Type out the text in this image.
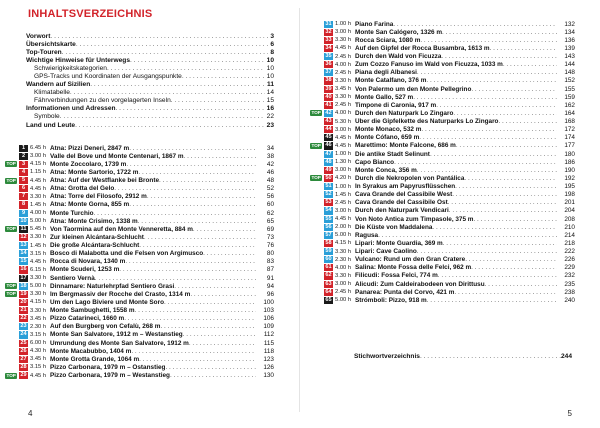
INHALTSVERZEICHNIS
Vorwort . . .	3
Übersichtskarte . . .	6
Top-Touren . . .	8
Wichtige Hinweise für Unterwegs . . .	10
Schwierigkeitskategorien . . .	10
GPS-Tracks und Koordinaten der Ausgangspunkte . . .	10
Wandern auf Sizilien . . .	11
Klimatabelle . . .	14
Fährverbindungen zu den vorgelagerten Inseln . . .	15
Informationen und Adressen . . .	16
Symbole . . .	22
Land und Leute . . .	23
1 6.45 h Ätna: Pizzi Deneri, 2847 m . . .	34
2 3.00 h Valle del Bove und Monte Centenari, 1867 m . . .	38
TOP	3 4.15 h Monte Zoccolaro, 1739 m . . .	42
4 1.15 h Ätna: Monte Sartorio, 1722 m . . .	46
TOP	5 4.45 h Ätna: Auf der Westflanke bei Bronte . . .	48
6 4.45 h Ätna: Grotta del Gelo . . .	52
7 3.30 h Ätna: Torre del Filosofo, 2912 m . . .	56
8 1.45 h Ätna: Monte Gorna, 855 m . . .	60
9 4.00 h Monte Turchio . . .	62
10 5.00 h Ätna: Monte Crisimo, 1338 m . . .	65
TOP 11 5.45 h Von Taormina auf den Monte Venneretta, 884 m . . .	69
12 3.30 h Zur kleinen Alcántara-Schlucht . . .	73
13 1.45 h Die große Alcántara-Schlucht . . .	76
14 3.15 h Bosco di Malabotta und die Felsen von Argimusco . . .	80
15 4.45 h Rocca di Novara, 1340 m . . .	83
16 6.15 h Monte Scuderi, 1253 m . . .	87
17 3.30 h Sentiero Vernà . . .	91
TOP 18 5.00 h Dinnamare: Naturlehrpfad Sentiero Grasi . . .	94
TOP 19 3.30 h Im Bergmassiv der Rocche del Crasto, 1314 m . . .	96
20 4.15 h Um den Lago Biviere und Monte Soro . . .	100
21 3.30 h Monte Sambughetti, 1558 m . . .	103
22 3.45 h Pizzo Catarineci, 1660 m . . .	106
23 2.30 h Auf den Burgberg von Cefalù, 268 m . . .	109
24 3.15 h Monte San Salvatore, 1912 m – Westanstieg . . .	112
25 6.00 h Umrundung des Monte San Salvatore, 1912 m . . .	115
26 4.30 h Monte Macabubbo, 1404 m . . .	118
27 3.45 h Monte Grotta Grande, 1064 m . . .	123
28 3.15 h Pizzo Carbonara, 1979 m – Ostanstieg . . .	126
TOP 29 4.45 h Pizzo Carbonara, 1979 m – Westanstieg . . .	130
4
31 1.00 h Piano Farina . . .	132
32 3.00 h Monte San Calógero, 1326 m . . .	134
33 3.30 h Rocca Sciara, 1080 m . . .	136
34 4.45 h Auf den Gipfel der Rocca Busambra, 1613 m . . .	139
35 2.45 h Durch den Wald von Ficuzza . . .	143
36 4.00 h Zum Cozzo Fanuso im Wald von Ficuzza, 1033 m . . .	144
37 2.45 h Piana degli Albanesi . . .	148
38 3.30 h Monte Catalfano, 376 m . . .	152
39 3.45 h Von Palermo um den Monte Pellegrino . . .	155
40 3.30 h Monte Gallo, 527 m . . .	159
41 2.45 h Timpone di Caronia, 917 m . . .	162
TOP 42 4.00 h Durch den Naturpark Lo Zingaro . . .	164
43 5.30 h Über die Gipfelkette des Naturparks Lo Zingaro . . .	168
44 3.00 h Monte Monaco, 532 m . . .	172
45 4.45 h Monte Cófano, 659 m . . .	174
TOP 46 4.45 h Marettimo: Monte Falcone, 686 m . . .	177
47 1.00 h Die antike Stadt Selinunt . . .	180
48 1.30 h Capo Bianco . . .	186
49 3.00 h Monte Conca, 356 m . . .	190
TOP 50 4.20 h Durch die Nekropolen von Pantálica . . .	192
51 1.00 h In Syrakus am Papyrusflüsschen . . .	195
52 1.45 h Cava Grande del Cassibile West . . .	198
53 2.45 h Cava Grande del Cassibile Ost . . .	201
54 3.00 h Durch den Naturpark Vendicari . . .	204
55 4.45 h Von Noto Antica zum Timpasole, 375 m . . .	208
56 2.00 h Die Küste von Maddalena . . .	210
57 5.00 h Ragusa . . .	214
58 4.15 h Lipari: Monte Guardia, 369 m . . .	218
59 3.30 h Lipari: Cave Caolino . . .	222
60 2.30 h Vulcano: Rund um den Gran Cratere . . .	226
61 4.00 h Salina: Monte Fossa delle Felci, 962 m . . .	229
62 3.30 h Filicudi: Fossa Felci, 774 m . . .	232
63 3.00 h Alicudi: Zum Caldeirabodeen von Dirittusu . . .	235
64 2.45 h Panarea: Punta del Corvo, 421 m . . .	238
65 5.00 h Strómboli: Pizzo, 918 m . . .	240
Stichwortverzeichnis . . .	244
5
